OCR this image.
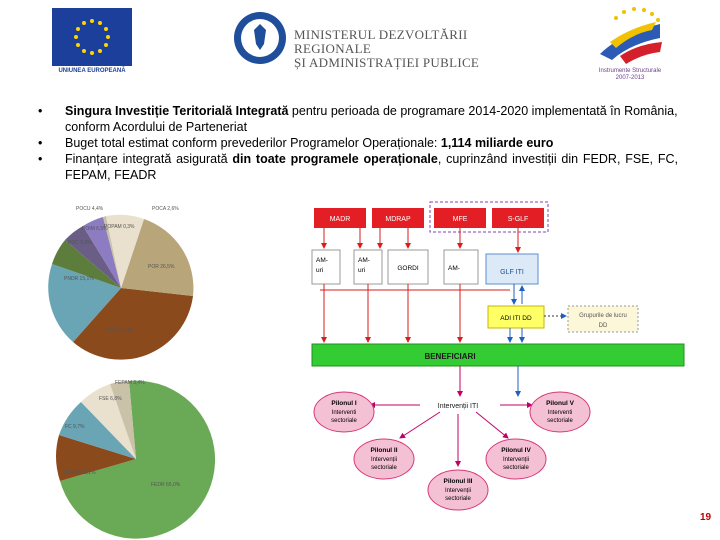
UNIUNEA EUROPEANĂ
MINISTERUL DEZVOLTĂRII REGIONALE
ȘI ADMINISTRAȚIEI PUBLICE
Instrumente Structurale
2007-2013

• Singura Investiție Teritorială Integrată pentru perioada de programare 2014-2020 implementată în România, conform Acordului de Parteneriat

• Buget total estimat conform prevederilor Programelor Operaționale: 1,114 miliarde euro

• Finanțare integrată asigurată din toate programele operaționale, cuprinzând investiții din FEDR, FSE, FC, FEPAM, FEADR

POCU 4,4%	POCA 2,6%
POIM 6,5%
POC 5,9%
PNDR 15,1%
POR 26,5%
POS 33,9%
POPAM 0,3%
FEPAM 3,4%
FSE 6,8%
FC 9,7%
FEADR 15,1%
FEDR 65,0%
MADR	MDRAP	MFE	S-GLF
AM-
uri
AM-
uri	GORDI	AM-
GLF ITI
ADI ITI DD	Grupurile de lucru
DD
BENEFICIARI
Intervenții ITI
Pilonul I
Interventi
sectoriale
Pilonul V
Interventi
sectoriale
Pilonul II
Intervenții
sectoriale
Pilonul IV
Intervenții
sectoriale
Pilonul III
Intervenții
sectoriale
19
